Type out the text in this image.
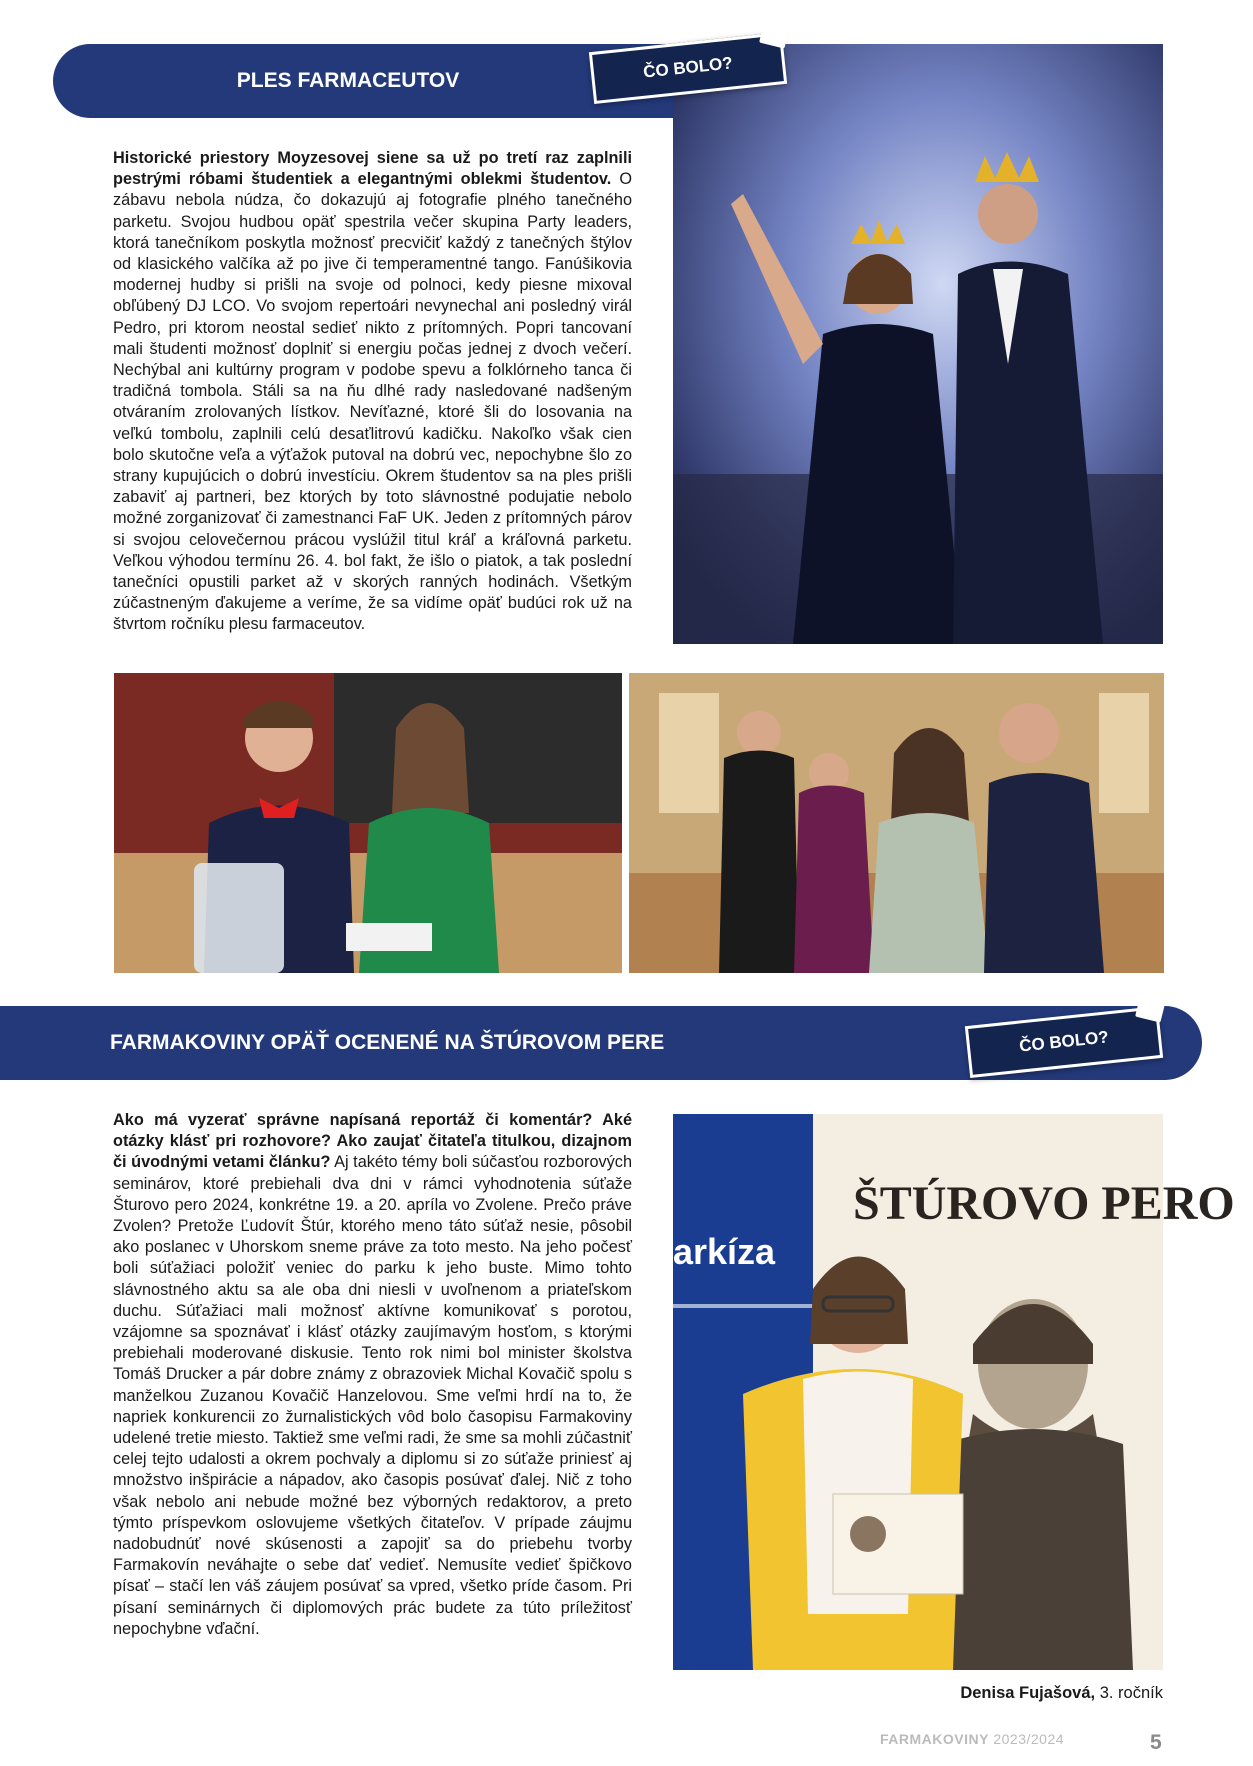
PLES FARMACEUTOV	ČO BOLO?
Historické priestory Moyzesovej siene sa už po tretí raz zaplnili pestrými róbami študentiek a elegantnými oblekmi študentov. O zábavu nebola núdza, čo dokazujú aj fotografie plného tanečného parketu. Svojou hudbou opäť spestrila večer skupina Party leaders, ktorá tanečníkom poskytla možnosť precvičiť každý z tanečných štýlov od klasického valčíka až po jive či temperamentné tango. Fanúšikovia modernej hudby si prišli na svoje od polnoci, kedy piesne mixoval obľúbený DJ LCO. Vo svojom repertoári nevynechal ani posledný virál Pedro, pri ktorom neostal sedieť nikto z prítomných. Popri tancovaní mali študenti možnosť doplniť si energiu počas jednej z dvoch večerí. Nechýbal ani kultúrny program v podobe spevu a folklórneho tanca či tradičná tombola. Stáli sa na ňu dlhé rady nasledované nadšeným otváraním zrolovaných lístkov. Nevíťazné, ktoré šli do losovania na veľkú tombolu, zaplnili celú desaťlitrovú kadičku. Nakoľko však cien bolo skutočne veľa a výťažok putoval na dobrú vec, nepochybne šlo zo strany kupujúcich o dobrú investíciu. Okrem študentov sa na ples prišli zabaviť aj partneri, bez ktorých by toto slávnostné podujatie nebolo možné zorganizovať či zamestnanci FaF UK. Jeden z prítomných párov si svojou celovečernou prácou vyslúžil titul kráľ a kráľovná parketu. Veľkou výhodou termínu 26. 4. bol fakt, že išlo o piatok, a tak poslední tanečníci opustili parket až v skorých ranných hodinách. Všetkým zúčastneným ďakujeme a veríme, že sa vidíme opäť budúci rok už na štvrtom ročníku plesu farmaceutov.
FARMAKOVINY OPÄŤ OCENENÉ NA ŠTÚROVOM PERE	ČO BOLO?
Ako má vyzerať správne napísaná reportáž či komentár? Aké otázky klásť pri rozhovore? Ako zaujať čitateľa titulkou, dizajnom či úvodnými vetami článku? Aj takéto témy boli súčasťou rozborových seminárov, ktoré prebiehali dva dni v rámci vyhodnotenia súťaže Šturovo pero 2024, konkrétne 19. a 20. apríla vo Zvolene. Prečo práve Zvolen? Pretože Ľudovít Štúr, ktorého meno táto súťaž nesie, pôsobil ako poslanec v Uhorskom sneme práve za toto mesto. Na jeho počesť boli súťažiaci položiť veniec do parku k jeho buste. Mimo tohto slávnostného aktu sa ale oba dni niesli v uvoľnenom a priateľskom duchu. Súťažiaci mali možnosť aktívne komunikovať s porotou, vzájomne sa spoznávať i klásť otázky zaujímavým hosťom, s ktorými prebiehali moderované diskusie. Tento rok nimi bol minister školstva Tomáš Drucker a pár dobre známy z obrazoviek Michal Kovačič spolu s manželkou Zuzanou Kovačič Hanzelovou. Sme veľmi hrdí na to, že napriek konkurencii zo žurnalistických vôd bolo časopisu Farmakoviny udelené tretie miesto. Taktiež sme veľmi radi, že sme sa mohli zúčastniť celej tejto udalosti a okrem pochvaly a diplomu si zo súťaže priniesť aj množstvo inšpirácie a nápadov, ako časopis posúvať ďalej. Nič z toho však nebolo ani nebude možné bez výborných redaktorov, a preto týmto príspevkom oslovujeme všetkých čitateľov. V prípade záujmu nadobudnúť nové skúsenosti a zapojiť sa do priebehu tvorby Farmakovín neváhajte o sebe dať vedieť. Nemusíte vedieť špičkovo písať – stačí len váš záujem posúvať sa vpred, všetko príde časom. Pri písaní seminárnych či diplomových prác budete za túto príležitosť nepochybne vďační.
arkíza
ŠTÚROVO PERO
Denisa Fujašová, 3. ročník
FARMAKOVINY 2023/2024	5
